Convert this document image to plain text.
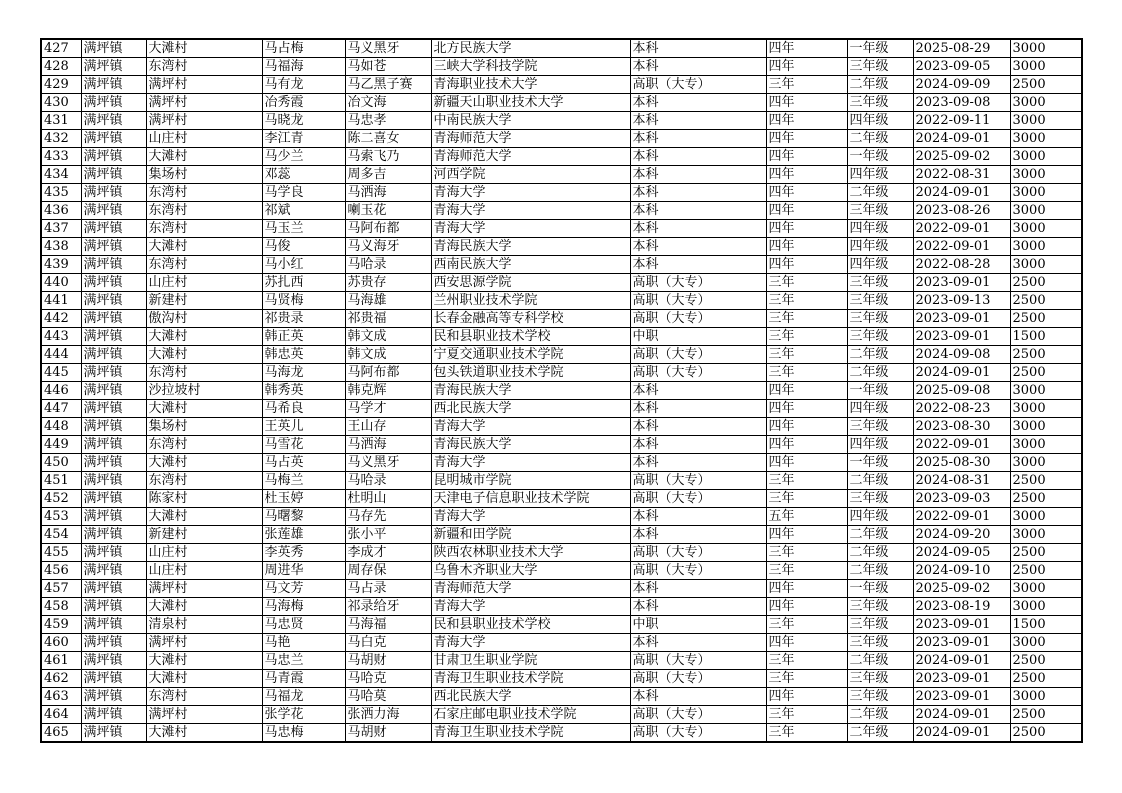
427	满坪镇	大滩村	马占梅	马义黑牙	北方民族大学	本科	四年	一年级	2025-08-29	3000
428	满坪镇	东湾村	马福海	马如苍	三峡大学科技学院	本科	四年	三年级	2023-09-05	3000
429	满坪镇	满坪村	马有龙	马乙黑子赛	青海职业技术大学	高职（大专）	三年	二年级	2024-09-09	2500
430	满坪镇	满坪村	冶秀霞	冶文海	新疆天山职业技术大学	本科	四年	三年级	2023-09-08	3000
431	满坪镇	满坪村	马晓龙	马忠孝	中南民族大学	本科	四年	四年级	2022-09-11	3000
432	满坪镇	山庄村	李江青	陈二喜女	青海师范大学	本科	四年	二年级	2024-09-01	3000
433	满坪镇	大滩村	马少兰	马索飞乃	青海师范大学	本科	四年	一年级	2025-09-02	3000
434	满坪镇	集场村	邓蕊	周多吉	河西学院	本科	四年	四年级	2022-08-31	3000
435	满坪镇	东湾村	马学良	马洒海	青海大学	本科	四年	二年级	2024-09-01	3000
436	满坪镇	东湾村	祁斌	喇玉花	青海大学	本科	四年	三年级	2023-08-26	3000
437	满坪镇	东湾村	马玉兰	马阿布都	青海大学	本科	四年	四年级	2022-09-01	3000
438	满坪镇	大滩村	马俊	马义海牙	青海民族大学	本科	四年	四年级	2022-09-01	3000
439	满坪镇	东湾村	马小红	马哈录	西南民族大学	本科	四年	四年级	2022-08-28	3000
440	满坪镇	山庄村	苏扎西	苏贵存	西安思源学院	高职（大专）	三年	三年级	2023-09-01	2500
441	满坪镇	新建村	马贤梅	马海雄	兰州职业技术学院	高职（大专）	三年	三年级	2023-09-13	2500
442	满坪镇	傲沟村	祁贵录	祁贵福	长春金融高等专科学校	高职（大专）	三年	三年级	2023-09-01	2500
443	满坪镇	大滩村	韩正英	韩文成	民和县职业技术学校	中职	三年	三年级	2023-09-01	1500
444	满坪镇	大滩村	韩忠英	韩文成	宁夏交通职业技术学院	高职（大专）	三年	二年级	2024-09-08	2500
445	满坪镇	东湾村	马海龙	马阿布都	包头铁道职业技术学院	高职（大专）	三年	二年级	2024-09-01	2500
446	满坪镇	沙拉坡村	韩秀英	韩克辉	青海民族大学	本科	四年	一年级	2025-09-08	3000
447	满坪镇	大滩村	马希良	马学才	西北民族大学	本科	四年	四年级	2022-08-23	3000
448	满坪镇	集场村	王英儿	王山存	青海大学	本科	四年	三年级	2023-08-30	3000
449	满坪镇	东湾村	马雪花	马洒海	青海民族大学	本科	四年	四年级	2022-09-01	3000
450	满坪镇	大滩村	马占英	马义黑牙	青海大学	本科	四年	一年级	2025-08-30	3000
451	满坪镇	东湾村	马梅兰	马哈录	昆明城市学院	高职（大专）	三年	二年级	2024-08-31	2500
452	满坪镇	陈家村	杜玉婷	杜明山	天津电子信息职业技术学院	高职（大专）	三年	三年级	2023-09-03	2500
453	满坪镇	大滩村	马曙黎	马存先	青海大学	本科	五年	四年级	2022-09-01	3000
454	满坪镇	新建村	张莲雄	张小平	新疆和田学院	本科	四年	二年级	2024-09-20	3000
455	满坪镇	山庄村	李英秀	李成才	陕西农林职业技术大学	高职（大专）	三年	二年级	2024-09-05	2500
456	满坪镇	山庄村	周进华	周存保	乌鲁木齐职业大学	高职（大专）	三年	二年级	2024-09-10	2500
457	满坪镇	满坪村	马文芳	马占录	青海师范大学	本科	四年	一年级	2025-09-02	3000
458	满坪镇	大滩村	马海梅	祁录给牙	青海大学	本科	四年	三年级	2023-08-19	3000
459	满坪镇	清泉村	马忠贤	马海福	民和县职业技术学校	中职	三年	三年级	2023-09-01	1500
460	满坪镇	满坪村	马艳	马白克	青海大学	本科	四年	三年级	2023-09-01	3000
461	满坪镇	大滩村	马忠兰	马胡财	甘肃卫生职业学院	高职（大专）	三年	二年级	2024-09-01	2500
462	满坪镇	大滩村	马青霞	马哈克	青海卫生职业技术学院	高职（大专）	三年	三年级	2023-09-01	2500
463	满坪镇	东湾村	马福龙	马哈莫	西北民族大学	本科	四年	三年级	2023-09-01	3000
464	满坪镇	满坪村	张学花	张洒力海	石家庄邮电职业技术学院	高职（大专）	三年	二年级	2024-09-01	2500
465	满坪镇	大滩村	马忠梅	马胡财	青海卫生职业技术学院	高职（大专）	三年	二年级	2024-09-01	2500
